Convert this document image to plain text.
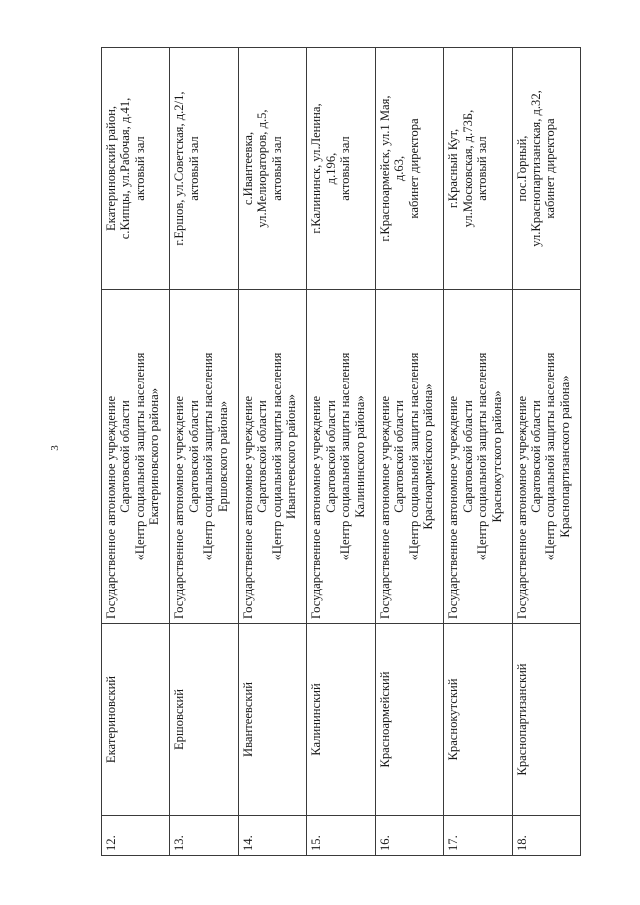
3
12.	Екатериновский	Государственное автономное учреждение Саратовской области «Центр социальной защиты населения Екатериновского района»	Екатериновский район, с.Кипцы, ул.Рабочая, д.41, актовый зал

13.	Ершовский	Государственное автономное учреждение Саратовской области «Центр социальной защиты населения Ершовского района»	г.Ершов, ул.Советская, д.2/1, актовый зал

14.	Ивантеевский	Государственное автономное учреждение Саратовской области «Центр социальной защиты населения Ивантеевского района»	с.Ивантеевка, ул.Мелиораторов, д.5, актовый зал

15.	Калининский	Государственное автономное учреждение Саратовской области «Центр социальной защиты населения Калининского района»	г.Калининск, ул.Ленина, д.196, актовый зал

16.	Красноармейский	Государственное автономное учреждение Саратовской области «Центр социальной защиты населения Красноармейского района»	г.Красноармейск, ул.1 Мая, д.63, кабинет директора

17.	Краснокутский	Государственное автономное учреждение Саратовской области «Центр социальной защиты населения Краснокутского района»	г.Красный Кут, ул.Московская, д.73Б, актовый зал

18.	Краснопартизанский	Государственное автономное учреждение Саратовской области «Центр социальной защиты населения Краснопартизанского района»	пос.Горный, ул.Краснопартизанская, д.32, кабинет директора
